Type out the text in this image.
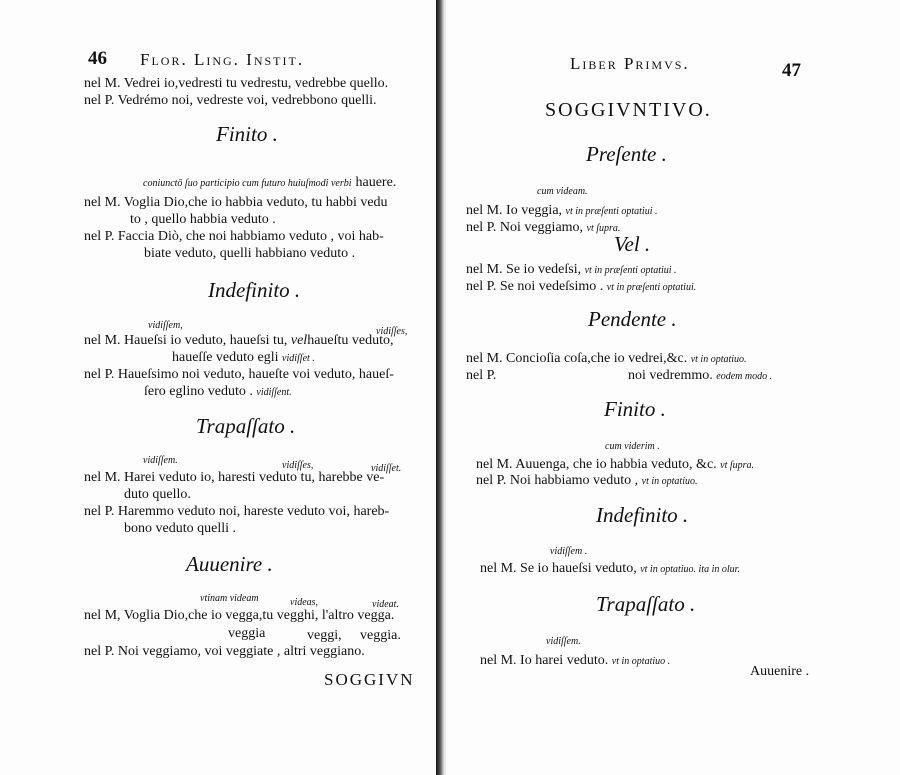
46 Flor. Ling. Instit.
nel M. Vedrei io,vedresti tu vedrestu, vedrebbe quello.
nel P. Vedrémo noi, vedreste voi, vedrebbono quelli.
Finito .
coniunctō ſuo participio cum futuro huiuſmodi verbi hauere.
nel M. Voglia Dio,che io habbia veduto, tu habbi vedu
to , quello habbia veduto .
nel P. Faccia Diò, che noi habbiamo veduto , voi hab-
biate veduto, quelli habbiano veduto .
Indefinito .
vidiſſem,
vidiſſes,
nel M. Haueſsi io veduto, haueſsi tu, velhaueſtu veduto,
haueſſe veduto egli vidiſſet .
nel P. Haueſsimo noi veduto, haueſte voi veduto, haueſ-
ſero eglino veduto . vidiſſent.
Trapaſſato .
vidiſſem.	vidiſſes,	vidiſſet.
nel M. Harei veduto io, haresti veduto tu, harebbe ve-
duto quello.
nel P. Haremmo veduto noi, hareste veduto voi, hareb-
bono veduto quelli .
Auuenire .
vtinam videam	videas,	videat.
nel M, Voglia Dio,che io vegga,tu vegghi, l'altro vegga.
veggia	veggi, veggia.
nel P. Noi veggiamo, voi veggiate , altri veggiano.
SOGGIVN
Liber Primvs.	47
SOGGIVNTIVO.
Preſente .
cum videam.
nel M. Io veggia, vt in præſenti optatiui .
nel P. Noi veggiamo, vt ſupra.
Vel .
nel M. Se io vedeſsi, vt in præſenti optatiui .
nel P. Se noi vedeſsimo . vt in præſenti optatiui.
Pendente .
nel M. Concioſia coſa,che io vedrei,&c. vt in optatiuo.
nel P.	noi vedremmo. eodem modo .
Finito .
cum viderim .
nel M. Auuenga, che io habbia veduto, &c. vt ſupra.
nel P. Noi habbiamo veduto , vt in optatiuo.
Indefinito .
vidiſſem .
nel M. Se io haueſsi veduto, vt in optatiuo. ita in olur.
Trapaſſato .
vidiſſem.
nel M. Io harei veduto. vt in optatiuo .
Auuenire .
